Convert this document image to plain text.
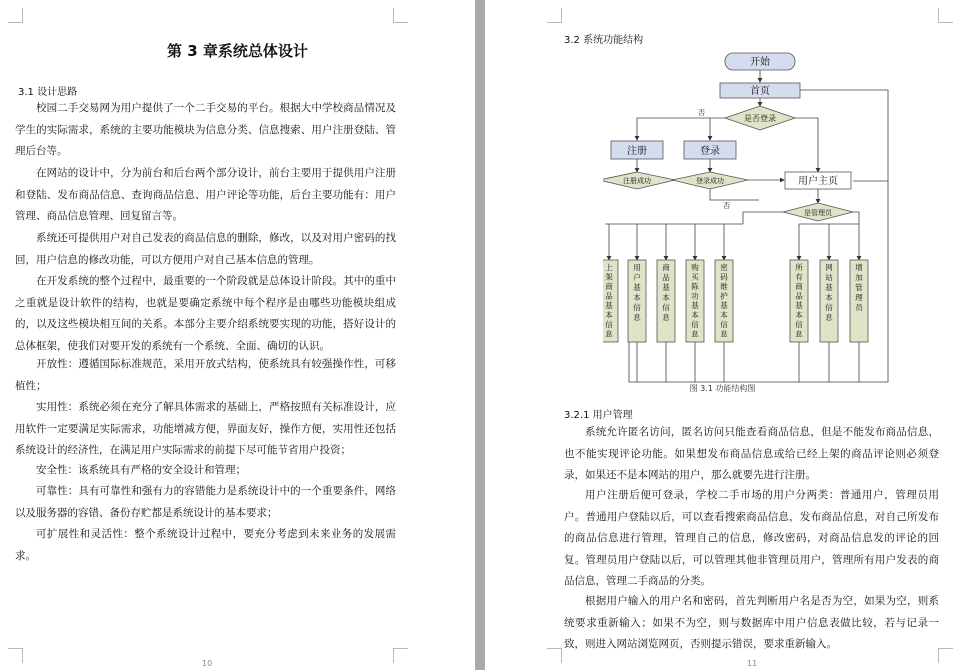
第 3 章系统总体设计
3.1 设计思路

校园二手交易网为用户提供了一个二手交易的平台。根据大中学校商品情况及学生的实际需求，系统的主要功能模块为信息分类、信息搜索、用户注册登陆、管理后台等。

在网站的设计中，分为前台和后台两个部分设计，前台主要用于提供用户注册和登陆、发布商品信息、查询商品信息、用户评论等功能，后台主要功能有：用户管理、商品信息管理、回复留言等。

系统还可提供用户对自己发表的商品信息的删除，修改，以及对用户密码的找回，用户信息的修改功能，可以方便用户对自己基本信息的管理。

在开发系统的整个过程中，最重要的一个阶段就是总体设计阶段。其中的重中之重就是设计软件的结构，也就是要确定系统中每个程序是由哪些功能模块组成的，以及这些模块相互间的关系。本部分主要介绍系统要实现的功能，搭好设计的总体框架，使我们对要开发的系统有一个系统、全面、确切的认识。

开放性：遵循国际标准规范，采用开放式结构，使系统具有较强操作性，可移植性；

实用性：系统必须在充分了解具体需求的基础上，严格按照有关标准设计，应用软件一定要满足实际需求，功能增减方便，界面友好，操作方便，实用性还包括系统设计的经济性，在满足用户实际需求的前提下尽可能节省用户投资；

安全性：该系统具有严格的安全设计和管理；

可靠性：具有可靠性和强有力的容错能力是系统设计中的一个重要条件，网络以及服务器的容错、备份存贮都是系统设计的基本要求；

可扩展性和灵活性：整个系统设计过程中，要充分考虑到未来业务的发展需求。

10
3.2 系统功能结构
开始
首页
是否登录
否
注册	登录
注册成功	登录成功
否
用户主页
是管理员
上架商品基本信息
用户基本信息
商品基本信息
购买陈功基本信息
密码维护基本信息
所有商品基本信息
网站基本信息
增加管理员
图 3.1 功能结构图
3.2.1 用户管理

系统允许匿名访问，匿名访问只能查看商品信息，但是不能发布商品信息，也不能实现评论功能。如果想发布商品信息或给已经上架的商品评论则必须登录，如果还不是本网站的用户，那么就要先进行注册。

用户注册后便可登录，学校二手市场的用户分两类：普通用户，管理员用户。普通用户登陆以后，可以查看搜索商品信息，发布商品信息，对自己所发布的商品信息进行管理，管理自己的信息，修改密码，对商品信息发的评论的回复。管理员用户登陆以后，可以管理其他非管理员用户，管理所有用户发表的商品信息，管理二手商品的分类。

根据用户输入的用户名和密码，首先判断用户名是否为空，如果为空，则系统要求重新输入；如果不为空，则与数据库中用户信息表做比较，若与记录一致，则进入网站浏览网页，否则提示错误，要求重新输入。

11
